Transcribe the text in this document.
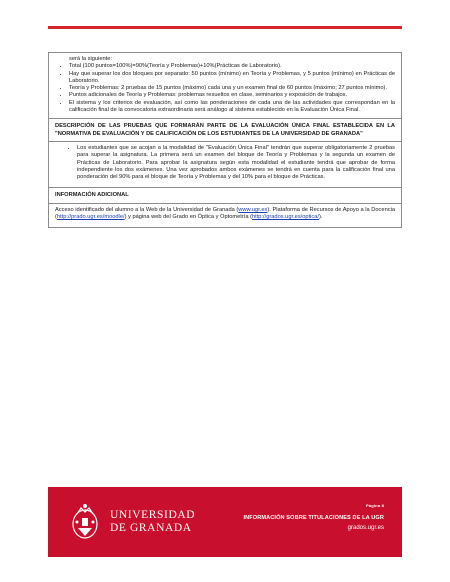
será la siguiente:
• Total (100 puntos=100%)=90%(Teoría y Problemas)+10%(Prácticas de Laboratorio).
• Hay que superar los dos bloques por separado: 50 puntos (mínimo) en Teoría y Problemas, y 5 puntos (mínimo) en Prácticas de Laboratorio.
• Teoría y Problemas: 2 pruebas de 15 puntos (máximo) cada una y un examen final de 60 puntos (máximo; 27 puntos mínimo).
• Puntos adicionales de Teoría y Problemas: problemas resueltos en clase, seminarios y exposición de trabajos.
• El sistema y los criterios de evaluación, así como las ponderaciones de cada una de las actividades que correspondan en la calificación final de la convocatoria extraordinaria será análogo al sistema establecido en la Evaluación Única Final.
DESCRIPCIÓN DE LAS PRUEBAS QUE FORMARÁN PARTE DE LA EVALUACIÓN ÚNICA FINAL ESTABLECIDA EN LA "NORMATIVA DE EVALUACIÓN Y DE CALIFICACIÓN DE LOS ESTUDIANTES DE LA UNIVERSIDAD DE GRANADA"
• Los estudiantes que se acojan a la modalidad de "Evaluación Única Final" tendrán que superar obligatoriamente 2 pruebas para superar la asignatura. La primera será un examen del bloque de Teoría y Problemas y la segunda un examen de Prácticas de Laboratorio. Para aprobar la asignatura según esta modalidad el estudiante tendrá que aprobar de forma independiente los dos exámenes. Una vez aprobados ambos exámenes se tendrá en cuenta para la calificación final una ponderación del 90% para el bloque de Teoría y Problemas y del 10% para el bloque de Prácticas.
INFORMACIÓN ADICIONAL
Acceso identificado del alumno a la Web de la Universidad de Granada (www.ugr.es). Plataforma de Recursos de Apoyo a la Docencia (http://prado.ugr.es/moodle/) y página web del Grado en Óptica y Optometría (http://grados.ugr.es/optica/).
UNIVERSIDAD
DE GRANADA
Página 8
INFORMACIÓN SOBRE TITULACIONES DE LA UGR
grados.ugr.es
